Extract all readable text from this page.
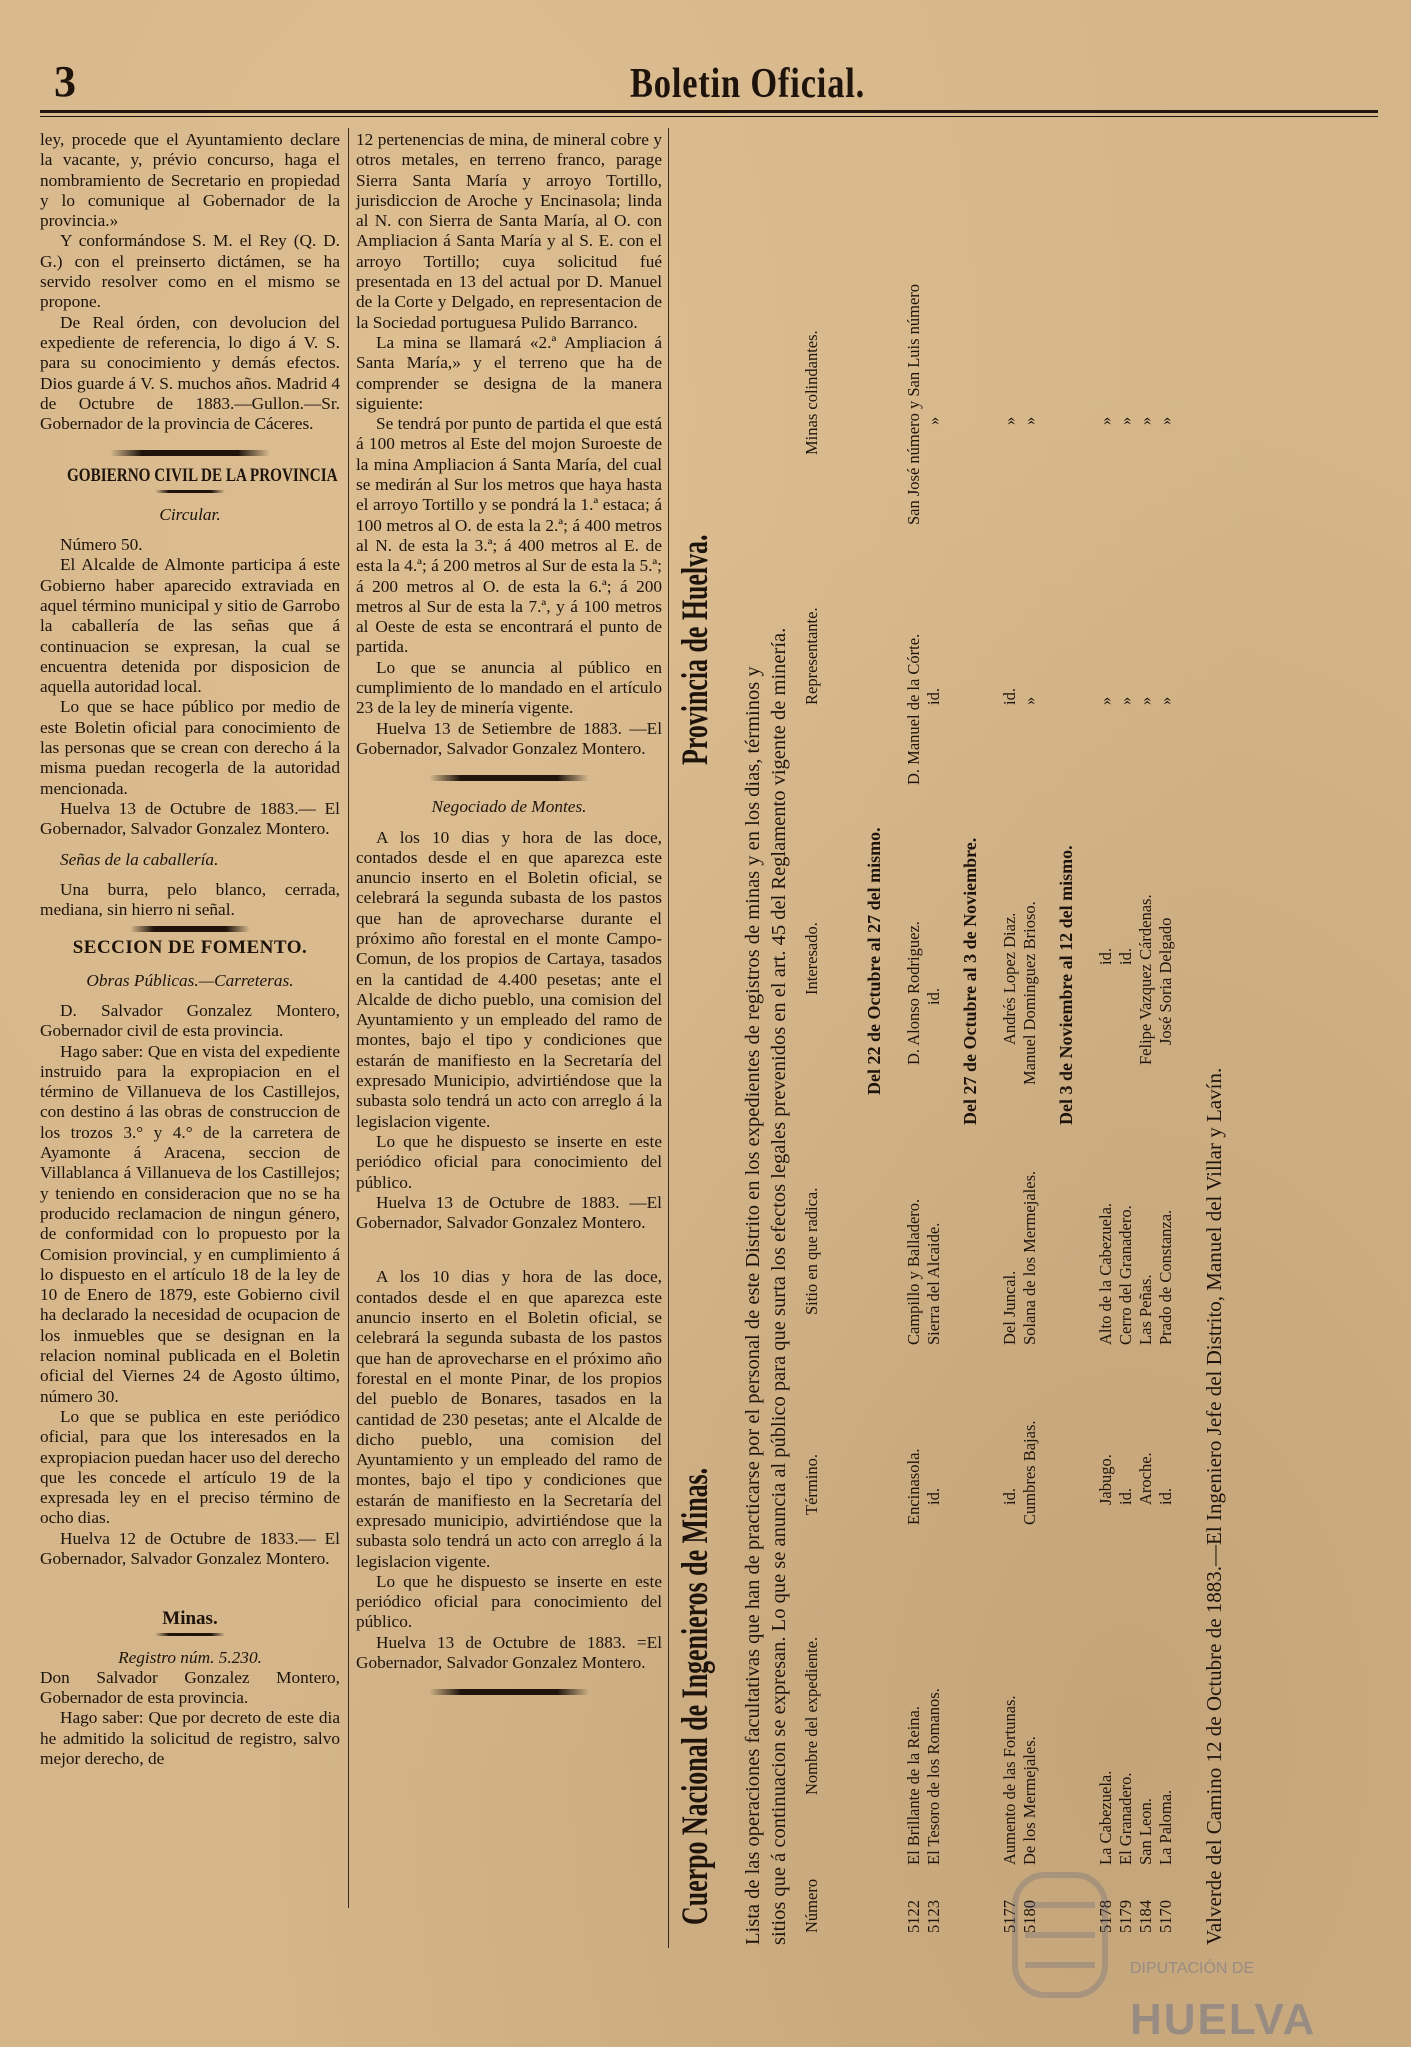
3	Boletin Oficial.

ley, procede que el Ayuntamiento declare la vacante, y, prévio concurso, haga el nombramiento de Secretario en propiedad y lo comunique al Gobernador de la provincia.»

Y conformándose S. M. el Rey (Q. D. G.) con el preinserto dictámen, se ha servido resolver como en el mismo se propone.

De Real órden, con devolucion del expediente de referencia, lo digo á V. S. para su conocimiento y demás efectos. Dios guarde á V. S. muchos años. Madrid 4 de Octubre de 1883.—Gullon.—Sr. Gobernador de la provincia de Cáceres.

GOBIERNO CIVIL DE LA PROVINCIA

Circular.

Número 50.

El Alcalde de Almonte participa á este Gobierno haber aparecido extraviada en aquel término municipal y sitio de Garrobo la caballería de las señas que á continuacion se expresan, la cual se encuentra detenida por disposicion de aquella autoridad local.

Lo que se hace público por medio de este Boletin oficial para conocimiento de las personas que se crean con derecho á la misma puedan recogerla de la autoridad mencionada.

Huelva 13 de Octubre de 1883.— El Gobernador, Salvador Gonzalez Montero.

Señas de la caballería.

Una burra, pelo blanco, cerrada, mediana, sin hierro ni señal.

SECCION DE FOMENTO.

Obras Públicas.—Carreteras.

D. Salvador Gonzalez Montero, Gobernador civil de esta provincia.

Hago saber: Que en vista del expediente instruido para la expropiacion en el término de Villanueva de los Castillejos, con destino á las obras de construccion de los trozos 3.° y 4.° de la carretera de Ayamonte á Aracena, seccion de Villablanca á Villanueva de los Castillejos; y teniendo en consideracion que no se ha producido reclamacion de ningun género, de conformidad con lo propuesto por la Comision provincial, y en cumplimiento á lo dispuesto en el artículo 18 de la ley de 10 de Enero de 1879, este Gobierno civil ha declarado la necesidad de ocupacion de los inmuebles que se designan en la relacion nominal publicada en el Boletin oficial del Viernes 24 de Agosto último, número 30.

Lo que se publica en este periódico oficial, para que los interesados en la expropiacion puedan hacer uso del derecho que les concede el artículo 19 de la expresada ley en el preciso término de ocho dias.

Huelva 12 de Octubre de 1833.— El Gobernador, Salvador Gonzalez Montero.

Minas.

Registro núm. 5.230.

Don Salvador Gonzalez Montero, Gobernador de esta provincia.

Hago saber: Que por decreto de este dia he admitido la solicitud de registro, salvo mejor derecho, de

12 pertenencias de mina, de mineral cobre y otros metales, en terreno franco, parage Sierra Santa María y arroyo Tortillo, jurisdiccion de Aroche y Encinasola; linda al N. con Sierra de Santa María, al O. con Ampliacion á Santa María y al S. E. con el arroyo Tortillo; cuya solicitud fué presentada en 13 del actual por D. Manuel de la Corte y Delgado, en representacion de la Sociedad portuguesa Pulido Barranco.

La mina se llamará «2.ª Ampliacion á Santa María,» y el terreno que ha de comprender se designa de la manera siguiente:

Se tendrá por punto de partida el que está á 100 metros al Este del mojon Suroeste de la mina Ampliacion á Santa María, del cual se medirán al Sur los metros que haya hasta el arroyo Tortillo y se pondrá la 1.ª estaca; á 100 metros al O. de esta la 2.ª; á 400 metros al N. de esta la 3.ª; á 400 metros al E. de esta la 4.ª; á 200 metros al Sur de esta la 5.ª; á 200 metros al O. de esta la 6.ª; á 200 metros al Sur de esta la 7.ª, y á 100 metros al Oeste de esta se encontrará el punto de partida.

Lo que se anuncia al público en cumplimiento de lo mandado en el artículo 23 de la ley de minería vigente.

Huelva 13 de Setiembre de 1883. —El Gobernador, Salvador Gonzalez Montero.

Negociado de Montes.

A los 10 dias y hora de las doce, contados desde el en que aparezca este anuncio inserto en el Boletin oficial, se celebrará la segunda subasta de los pastos que han de aprovecharse durante el próximo año forestal en el monte Campo-Comun, de los propios de Cartaya, tasados en la cantidad de 4.400 pesetas; ante el Alcalde de dicho pueblo, una comision del Ayuntamiento y un empleado del ramo de montes, bajo el tipo y condiciones que estarán de manifiesto en la Secretaría del expresado Municipio, advirtiéndose que la subasta solo tendrá un acto con arreglo á la legislacion vigente.

Lo que he dispuesto se inserte en este periódico oficial para conocimiento del público.

Huelva 13 de Octubre de 1883. —El Gobernador, Salvador Gonzalez Montero.

A los 10 dias y hora de las doce, contados desde el en que aparezca este anuncio inserto en el Boletin oficial, se celebrará la segunda subasta de los pastos que han de aprovecharse en el próximo año forestal en el monte Pinar, de los propios del pueblo de Bonares, tasados en la cantidad de 230 pesetas; ante el Alcalde de dicho pueblo, una comision del Ayuntamiento y un empleado del ramo de montes, bajo el tipo y condiciones que estarán de manifiesto en la Secretaría del expresado municipio, advirtiéndose que la subasta solo tendrá un acto con arreglo á la legislacion vigente.

Lo que he dispuesto se inserte en este periódico oficial para conocimiento del público.

Huelva 13 de Octubre de 1883. =El Gobernador, Salvador Gonzalez Montero. Cuerpo Nacional de Ingenieros de Minas.
Provincia de Huelva.
Lista de las operaciones facultativas que han de practicarse por el personal de este Distrito en los expedientes de registros de minas y en los dias, términos y sitios que á continuacion se expresan. Lo que se anuncia al público para que surta los efectos legales prevenidos en el art. 45 del Reglamento vigente de minería. Número
Nombre del expediente.
Término.
Sitio en que radica.
Interesado.
Representante.
Minas colindantes.
Del 22 de Octubre al 27 del mismo.
5122
El Brillante de la Reina.
Encinasola.
Campillo y Balladero.
D. Alonso Rodriguez.
D. Manuel de la Córte.
San José número y San Luis número
5123
El Tesoro de los Romanos.
id.
Sierra del Alcaide.
id.
id.
»
Del 27 de Octubre al 3 de Noviembre.
5177
Aumento de las Fortunas.
id.
Del Juncal.
Andrés Lopez Diaz.
id.
»
5180
De los Mermejales.
Cumbres Bajas.
Solana de los Mermejales.
Manuel Dominguez Brioso.
»
»
Del 3 de Noviembre al 12 del mismo.
5178
La Cabezuela.
Jabugo.
Alto de la Cabezuela.
id.
»
»
5179
El Granadero.
id.
Cerro del Granadero.
id.
»
»
5184
San Leon.
Aroche.
Las Peñas.
Felipe Vazquez Cárdenas.
»
»
5170
La Paloma.
id.
Prado de Constanza.
José Soria Delgado
»
»
Valverde del Camino 12 de Octubre de 1883.—El Ingeniero Jefe del Distrito, Manuel del Villar y Lavín.
DIPUTACIÓN DE
HUELVA
